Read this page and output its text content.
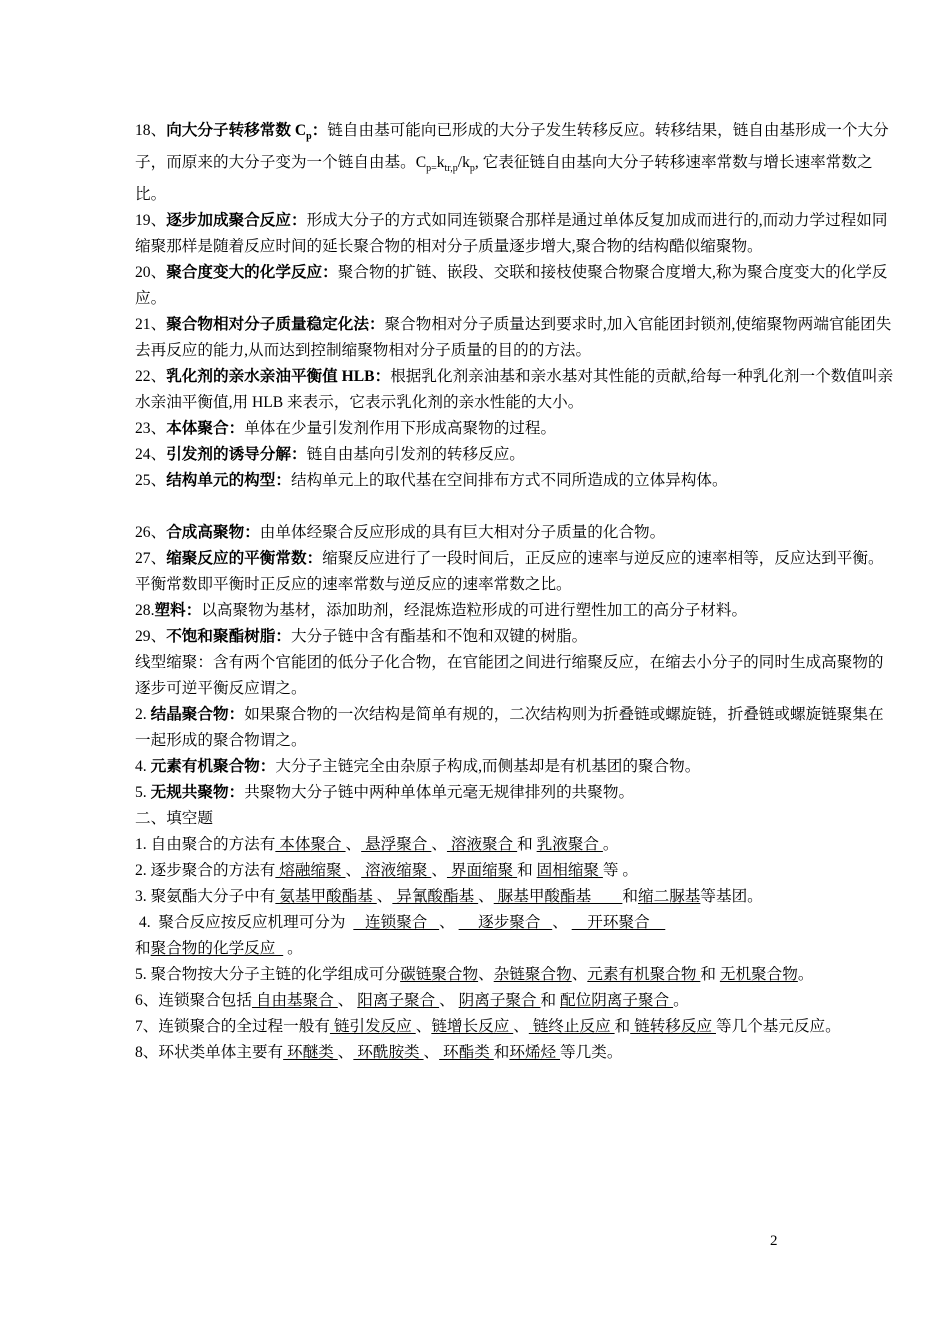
18、向大分子转移常数 $C_p$：链自由基可能向已形成的大分子发生转移反应。转移结果，链自由基形成一个大分子，而原来的大分子变为一个链自由基。$C_{p=}k_{tr,p}/k_p$, 它表征链自由基向大分子转移速率常数与增长速率常数之比。

19、逐步加成聚合反应：形成大分子的方式如同连锁聚合那样是通过单体反复加成而进行的,而动力学过程如同缩聚那样是随着反应时间的延长聚合物的相对分子质量逐步增大,聚合物的结构酷似缩聚物。

20、聚合度变大的化学反应：聚合物的扩链、嵌段、交联和接枝使聚合物聚合度增大,称为聚合度变大的化学反应。

21、聚合物相对分子质量稳定化法：聚合物相对分子质量达到要求时,加入官能团封锁剂,使缩聚物两端官能团失去再反应的能力,从而达到控制缩聚物相对分子质量的目的的方法。

22、乳化剂的亲水亲油平衡值 HLB：根据乳化剂亲油基和亲水基对其性能的贡献,给每一种乳化剂一个数值叫亲水亲油平衡值,用 HLB 来表示，它表示乳化剂的亲水性能的大小。

23、本体聚合：单体在少量引发剂作用下形成高聚物的过程。

24、引发剂的诱导分解：链自由基向引发剂的转移反应。

25、结构单元的构型：结构单元上的取代基在空间排布方式不同所造成的立体异构体。

26、合成高聚物：由单体经聚合反应形成的具有巨大相对分子质量的化合物。

27、缩聚反应的平衡常数：缩聚反应进行了一段时间后，正反应的速率与逆反应的速率相等，反应达到平衡。平衡常数即平衡时正反应的速率常数与逆反应的速率常数之比。

28.塑料：以高聚物为基材，添加助剂，经混炼造粒形成的可进行塑性加工的高分子材料。

29、不饱和聚酯树脂：大分子链中含有酯基和不饱和双键的树脂。

线型缩聚：含有两个官能团的低分子化合物，在官能团之间进行缩聚反应，在缩去小分子的同时生成高聚物的逐步可逆平衡反应谓之。

2. 结晶聚合物：如果聚合物的一次结构是简单有规的，二次结构则为折叠链或螺旋链，折叠链或螺旋链聚集在一起形成的聚合物谓之。

4. 元素有机聚合物：大分子主链完全由杂原子构成,而侧基却是有机基团的聚合物。

5. 无规共聚物：共聚物大分子链中两种单体单元毫无规律排列的共聚物。

二、填空题

1. 自由聚合的方法有 本体聚合 、 悬浮聚合 、 溶液聚合 和 乳液聚合 。

2. 逐步聚合的方法有 熔融缩聚 、 溶液缩聚 、 界面缩聚 和 固相缩聚 等 。

3. 聚氨酯大分子中有 氨基甲酸酯基 、 异氰酸酯基 、 脲基甲酸酯基        和缩二脲基等基团。

4.  聚合反应按反应机理可分为     连锁聚合   、      逐步聚合   、     开环聚合
和聚合物的化学反应   。

5. 聚合物按大分子主链的化学组成可分碳链聚合物、杂链聚合物、元素有机聚合物 和 无机聚合物。

6、连锁聚合包括 自由基聚合 、 阳离子聚合 、 阴离子聚合 和 配位阴离子聚合 。

7、连锁聚合的全过程一般有 链引发反应 、链增长反应 、 链终止反应 和 链转移反应 等几个基元反应。

8、环状类单体主要有 环醚类 、 环酰胺类 、 环酯类 和环烯烃 等几类。

2
